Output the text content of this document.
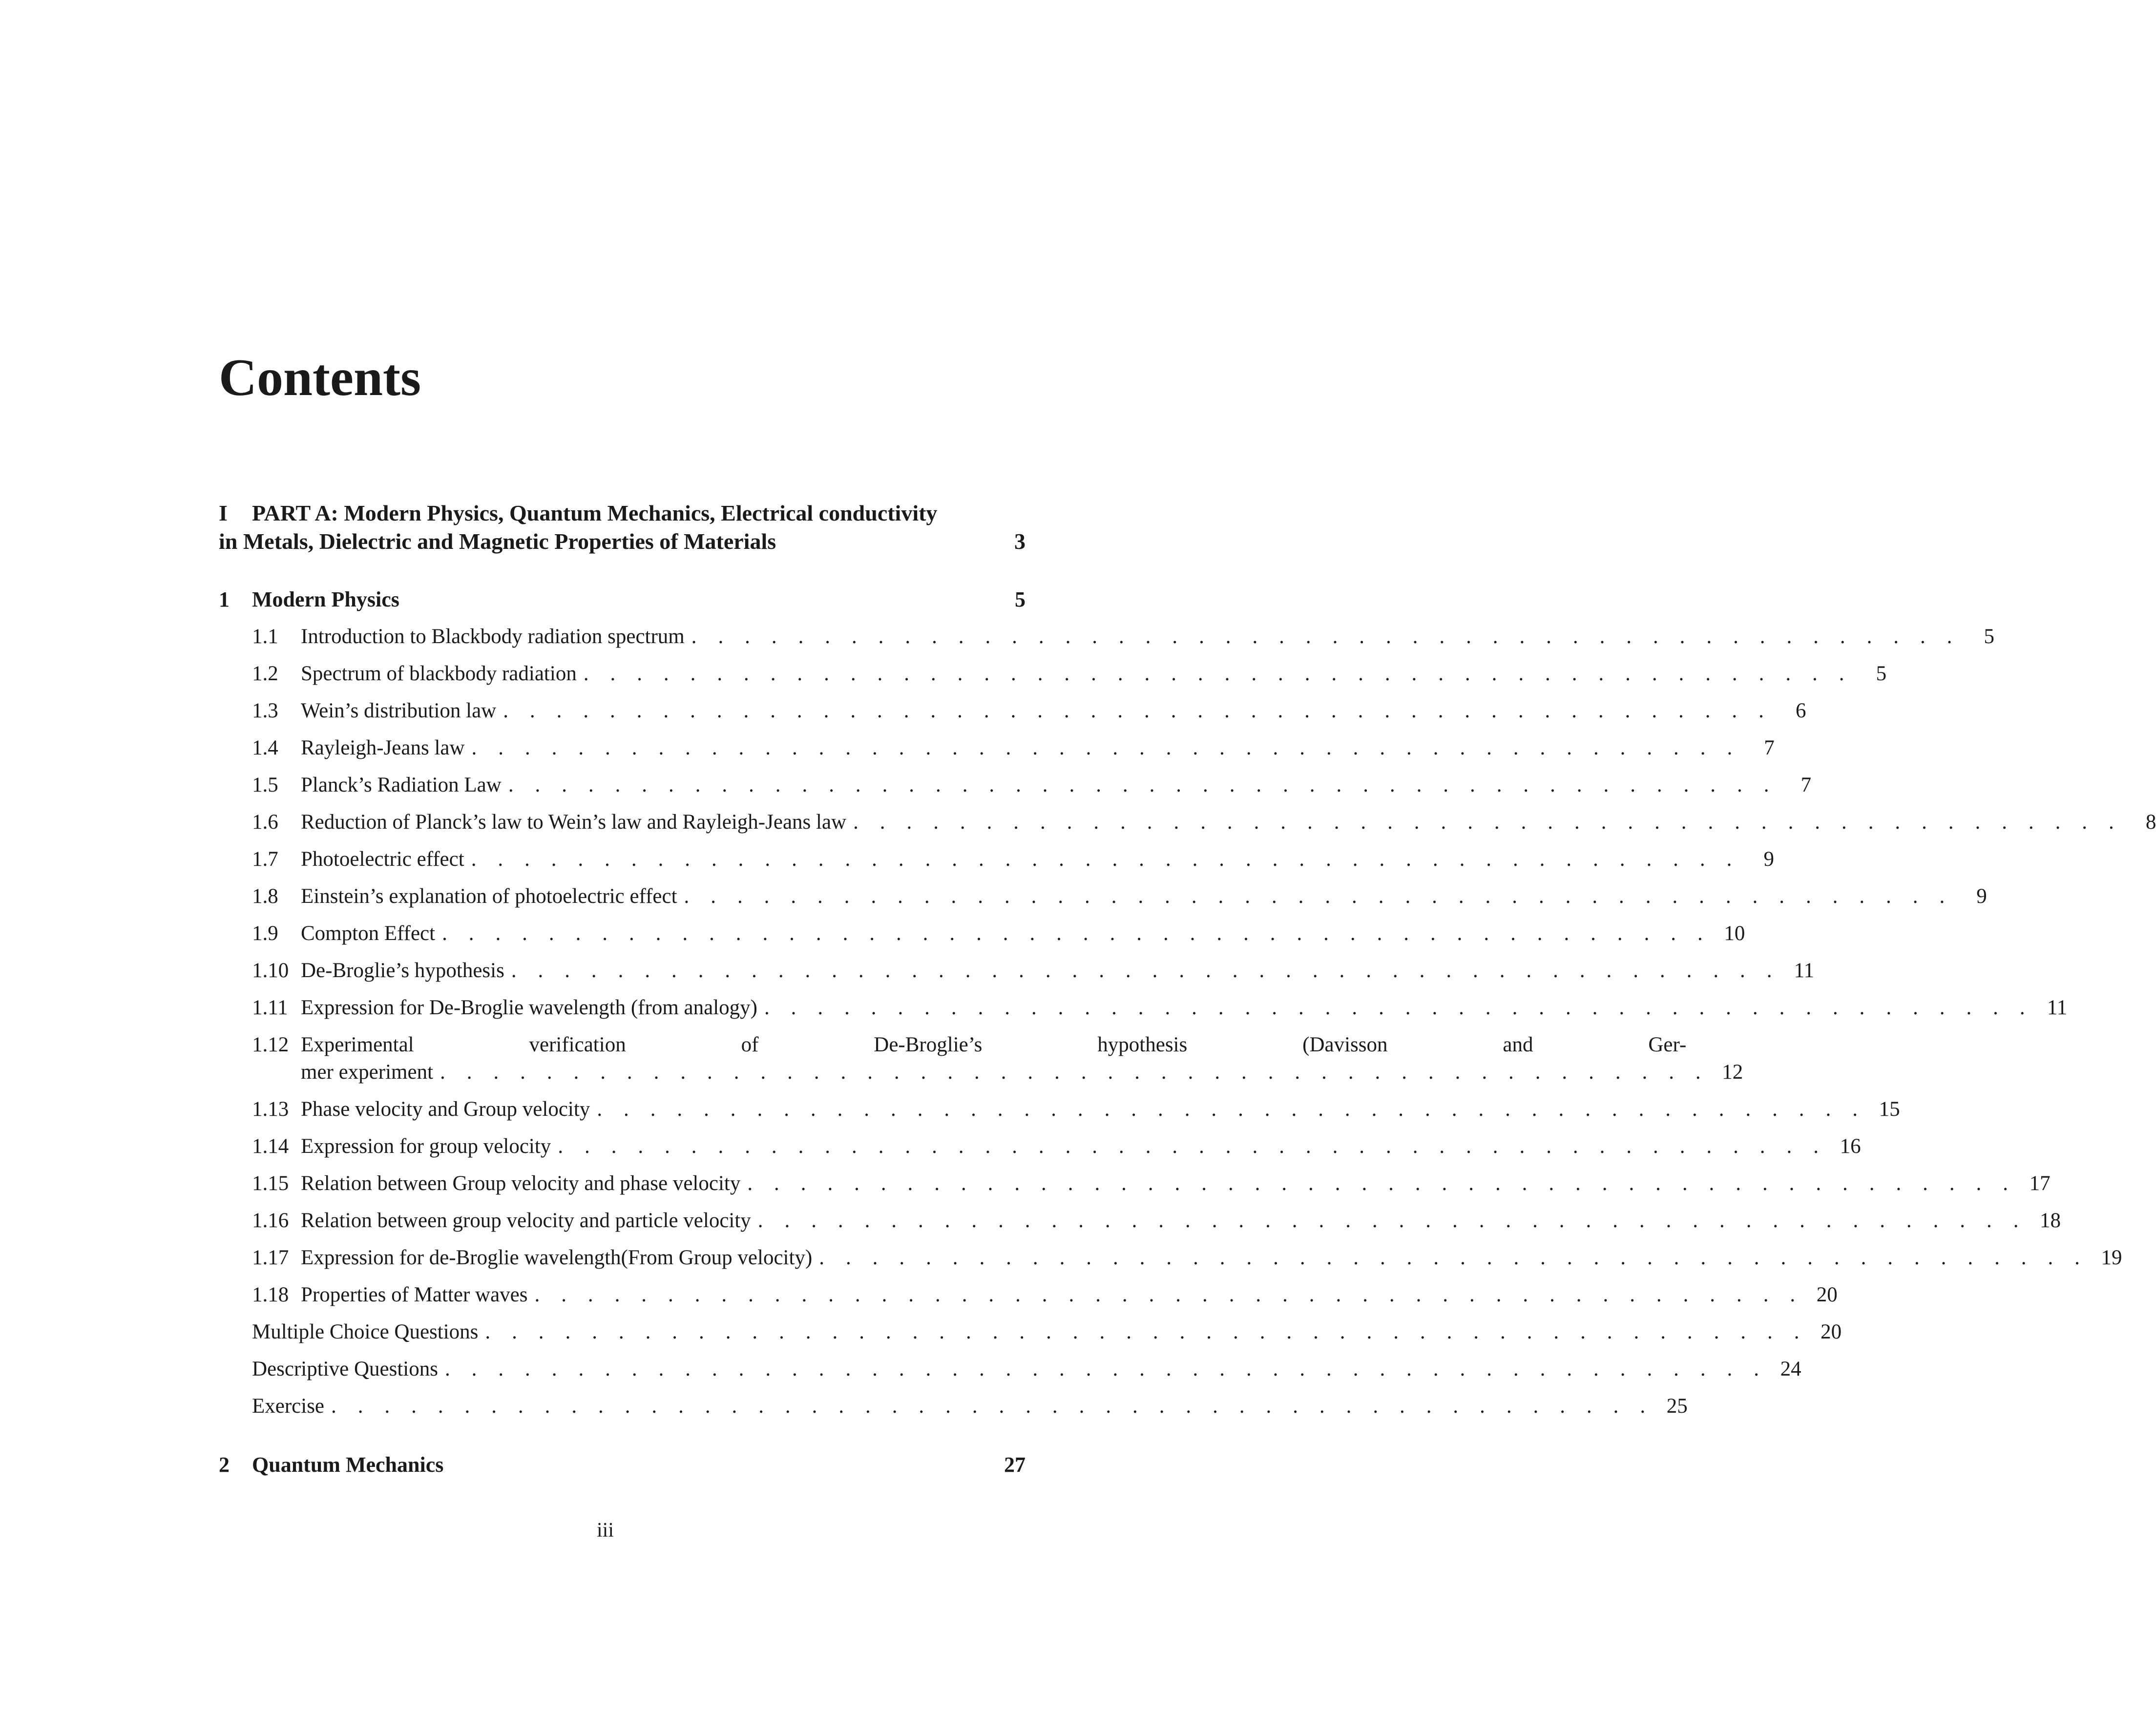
Contents
I PART A: Modern Physics, Quantum Mechanics, Electrical conductivity
in Metals, Dielectric and Magnetic Properties of Materials	3
1 Modern Physics	5
1.1	Introduction to Blackbody radiation spectrum . . . . . . . . . . . . . . . . . . . . . . . . . . . . . . . . . . . . . . . . . . . . . . . .	5
1.2	Spectrum of blackbody radiation . . . . . . . . . . . . . . . . . . . . . . . . . . . . . . . . . . . . . . . . . . . . . . . .	5
1.3	Wein’s distribution law . . . . . . . . . . . . . . . . . . . . . . . . . . . . . . . . . . . . . . . . . . . . . . . .	6
1.4	Rayleigh-Jeans law . . . . . . . . . . . . . . . . . . . . . . . . . . . . . . . . . . . . . . . . . . . . . . . .	7
1.5	Planck’s Radiation Law . . . . . . . . . . . . . . . . . . . . . . . . . . . . . . . . . . . . . . . . . . . . . . . .	7
1.6	Reduction of Planck’s law to Wein’s law and Rayleigh-Jeans law . . . . . . . . . . . . . . . . . . . . . . . . . . . . . . . . . . . . . . . . . . . . . . . .	8
1.7	Photoelectric effect . . . . . . . . . . . . . . . . . . . . . . . . . . . . . . . . . . . . . . . . . . . . . . . .	9
1.8	Einstein’s explanation of photoelectric effect . . . . . . . . . . . . . . . . . . . . . . . . . . . . . . . . . . . . . . . . . . . . . . . .	9
1.9	Compton Effect . . . . . . . . . . . . . . . . . . . . . . . . . . . . . . . . . . . . . . . . . . . . . . . . 10
1.10 De-Broglie’s hypothesis . . . . . . . . . . . . . . . . . . . . . . . . . . . . . . . . . . . . . . . . . . . . . . . . 11
1.11 Expression for De-Broglie wavelength (from analogy) . . . . . . . . . . . . . . . . . . . . . . . . . . . . . . . . . . . . . . . . . . . . . . . . 11
1.12 Experimental verification of De-Broglie’s hypothesis (Davisson and Ger-
mer experiment . . . . . . . . . . . . . . . . . . . . . . . . . . . . . . . . . . . . . . . . . . . . . . . . 12
1.13 Phase velocity and Group velocity . . . . . . . . . . . . . . . . . . . . . . . . . . . . . . . . . . . . . . . . . . . . . . . . 15
1.14 Expression for group velocity . . . . . . . . . . . . . . . . . . . . . . . . . . . . . . . . . . . . . . . . . . . . . . . . 16
1.15 Relation between Group velocity and phase velocity . . . . . . . . . . . . . . . . . . . . . . . . . . . . . . . . . . . . . . . . . . . . . . . . 17
1.16 Relation between group velocity and particle velocity . . . . . . . . . . . . . . . . . . . . . . . . . . . . . . . . . . . . . . . . . . . . . . . . 18
1.17 Expression for de-Broglie wavelength(From Group velocity) . . . . . . . . . . . . . . . . . . . . . . . . . . . . . . . . . . . . . . . . . . . . . . . . 19
1.18 Properties of Matter waves . . . . . . . . . . . . . . . . . . . . . . . . . . . . . . . . . . . . . . . . . . . . . . . . 20
Multiple Choice Questions . . . . . . . . . . . . . . . . . . . . . . . . . . . . . . . . . . . . . . . . . . . . . . . . . . 20
Descriptive Questions . . . . . . . . . . . . . . . . . . . . . . . . . . . . . . . . . . . . . . . . . . . . . . . . . . 24
Exercise . . . . . . . . . . . . . . . . . . . . . . . . . . . . . . . . . . . . . . . . . . . . . . . . . . 25
2 Quantum Mechanics	27
iii
